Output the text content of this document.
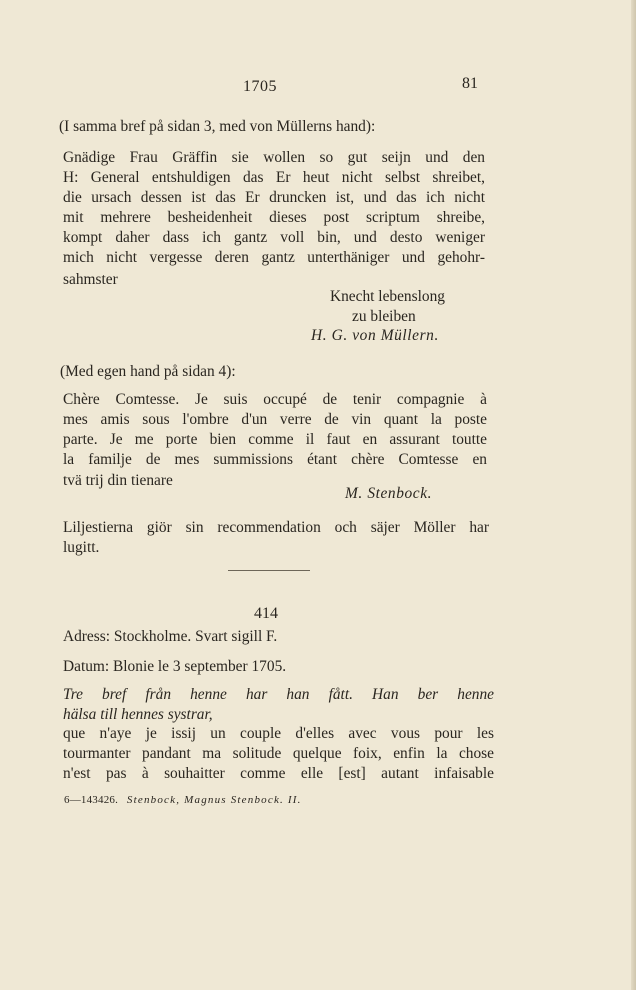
1705	81
(I samma bref på sidan 3, med von Müllerns hand):
Gnädige Frau Gräffin sie wollen so gut seijn und den
H: General entshuldigen das Er heut nicht selbst shreibet,
die ursach dessen ist das Er druncken ist, und das ich nicht
mit mehrere besheidenheit dieses post scriptum shreibe,
kompt daher dass ich gantz voll bin, und desto weniger
mich nicht vergesse deren gantz unterthäniger und gehohr-
sahmster
Knecht lebenslong
zu bleiben
H. G. von Müllern.
(Med egen hand på sidan 4):
Chère Comtesse. Je suis occupé de tenir compagnie à
mes amis sous l'ombre d'un verre de vin quant la poste
parte. Je me porte bien comme il faut en assurant toutte
la familje de mes summissions étant chère Comtesse en
tvä trij din tienare
M. Stenbock.
Liljestierna giör sin recommendation och säjer Möller har
lugitt.
414
Adress: Stockholme. Svart sigill F.
Datum: Blonie le 3 september 1705.
Tre bref från henne har han fått. Han ber henne
hälsa till hennes systrar,
que n'aye je issij un couple d'elles avec vous pour les
tourmanter pandant ma solitude quelque foix, enfin la chose
n'est pas à souhaitter comme elle [est] autant infaisable
6—143426. Stenbock, Magnus Stenbock. II.
